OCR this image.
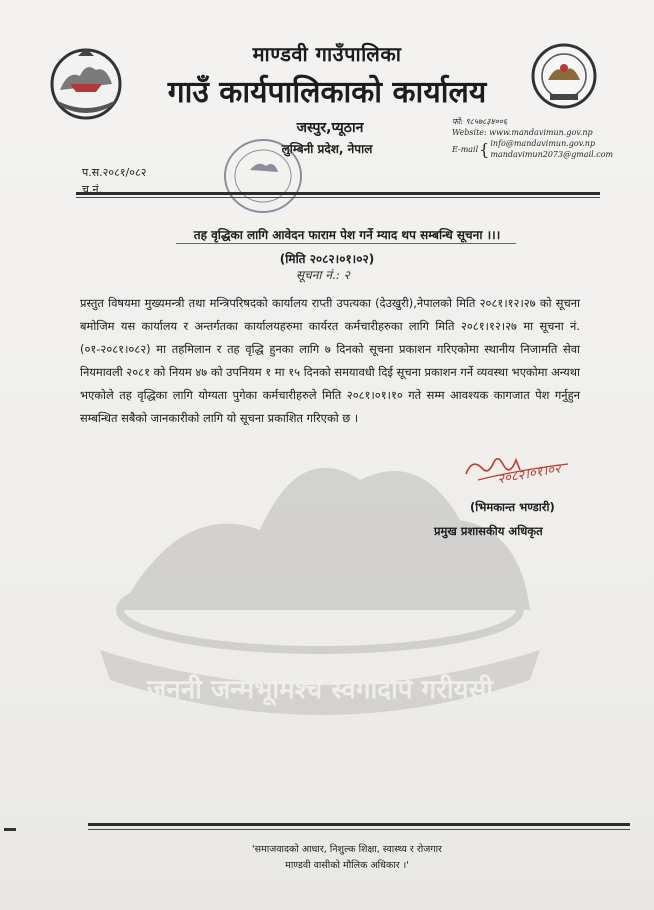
जननी जन्मभूमिश्च स्वर्गादपि गरीयसी
माण्डवी गाउँपालिका
गाउँ कार्यपालिकाको कार्यालय
जस्पुर,प्यूठान
लुम्बिनी प्रदेश, नेपाल
फो: ९८५७८३४००६
Website: www.mandavimun.gov.np
E-mail { info@mandavimun.gov.np
mandavimun2073@gmail.com
प.स.२०८१/०८२
च.नं.
तह वृद्धिका लागि आवेदन फाराम पेश गर्ने म्याद थप सम्बन्धि सूचना ।।।
(मिति २०८२।०१।०२)
सूचना नं.: २
प्रस्तुत विषयमा मुख्यमन्त्री तथा मन्त्रिपरिषदको कार्यालय राप्ती उपत्यका (देउखुरी),नेपालको मिति २०८१।१२।२७ को सूचना बमोजिम यस कार्यालय र अन्तर्गतका कार्यालयहरुमा कार्यरत कर्मचारीहरुका लागि मिति २०८१।१२।२७ मा सूचना नं.(०१-२०८१।०८२) मा तहमिलान र तह वृद्धि हुनका लागि ७ दिनको सूचना प्रकाशन गरिएकोमा स्थानीय निजामति सेवा नियमावली २०८१ को नियम ४७ को उपनियम १ मा १५ दिनको समयावधी दिई सूचना प्रकाशन गर्ने व्यवस्था भएकोमा अन्यथा भएकोले तह वृद्धिका लागि योग्यता पुगेका कर्मचारीहरुले मिति २०८१।०१।१० गते सम्म आवश्यक कागजात पेश गर्नुहुन सम्बन्धित सबैको जानकारीको लागि यो सूचना प्रकाशित गरिएको छ ।
२०८२।०१।०२
(भिमकान्त भण्डारी)
प्रमुख प्रशासकीय अधिकृत
'समाजवादको आधार, निशुल्क शिक्षा, स्वास्थ्य र रोजगार
माण्डवी वासीको मौलिक अधिकार ।'
